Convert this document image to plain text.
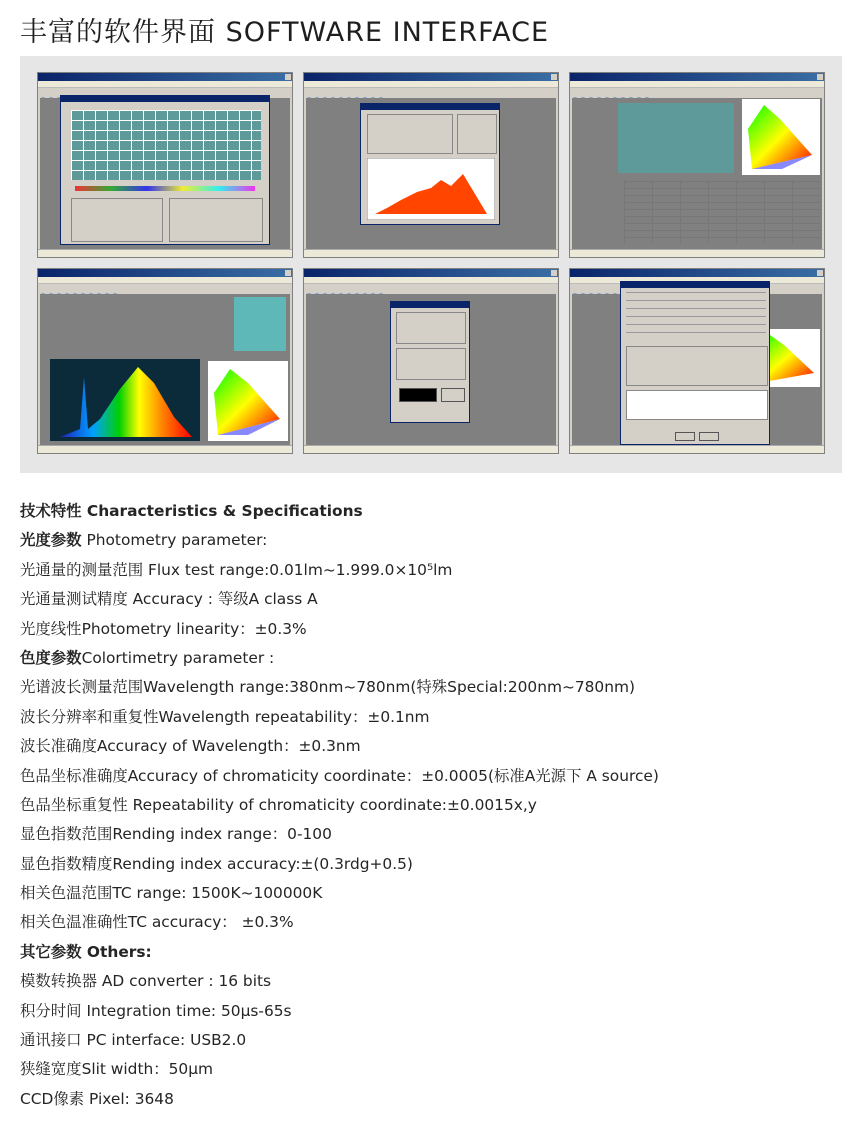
丰富的软件界面 SOFTWARE INTERFACE
技术特性 Characteristics & Specifications
光度参数 Photometry parameter:
光通量的测量范围 Flux test range:0.01lm~1.999.0×10⁵lm
光通量测试精度 Accuracy : 等级A class A
光度线性Photometry linearity：±0.3%
色度参数Colortimetry parameter :
光谱波长测量范围Wavelength range:380nm~780nm(特殊Special:200nm~780nm)
波长分辨率和重复性Wavelength repeatability：±0.1nm
波长准确度Accuracy of Wavelength：±0.3nm
色品坐标准确度Accuracy of chromaticity coordinate：±0.0005(标准A光源下 A source)
色品坐标重复性 Repeatability of chromaticity coordinate:±0.0015x,y
显色指数范围Rending index range：0-100
显色指数精度Rending index accuracy:±(0.3rdg+0.5)
相关色温范围TC range: 1500K~100000K
相关色温准确性TC accuracy： ±0.3%
其它参数 Others:
模数转换器 AD converter : 16 bits
积分时间 Integration time: 50μs-65s
通讯接口 PC interface: USB2.0
狭缝宽度Slit width：50μm
CCD像素 Pixel: 3648
